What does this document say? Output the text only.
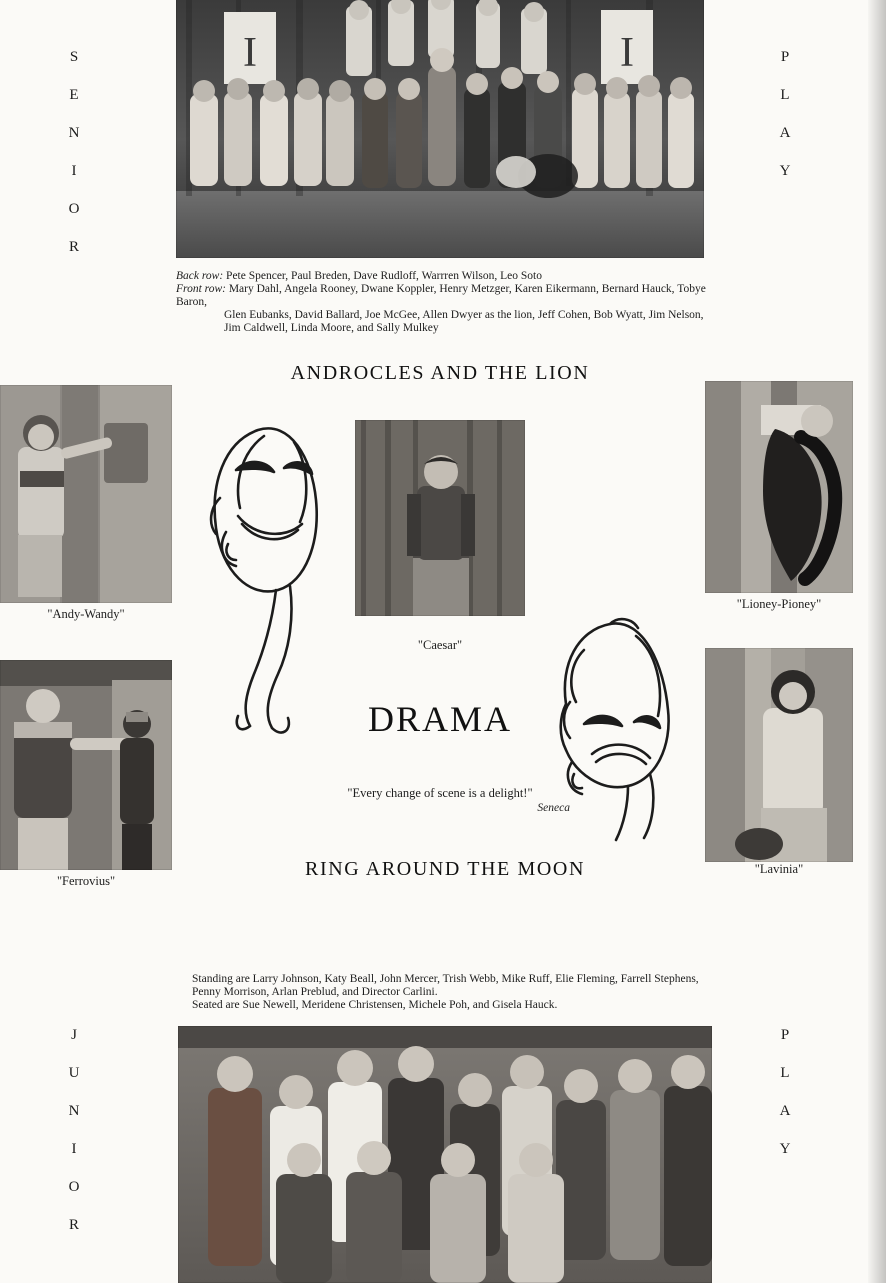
S
E
N
I
O
R
P
L
A
Y
I	I
Back row: Pete Spencer, Paul Breden, Dave Rudloff, Warrren Wilson, Leo Soto
Front row: Mary Dahl, Angela Rooney, Dwane Koppler, Henry Metzger, Karen Eikermann, Bernard Hauck, Tobye Baron,
Glen Eubanks, David Ballard, Joe McGee, Allen Dwyer as the lion, Jeff Cohen, Bob Wyatt, Jim Nelson,
Jim Caldwell, Linda Moore, and Sally Mulkey
ANDROCLES AND THE LION
"Andy-Wandy"
"Ferrovius"
"Lioney-Pioney"
"Lavinia"
"Caesar"
DRAMA
"Every change of scene is a delight!"
Seneca
RING AROUND THE MOON
Standing are Larry Johnson, Katy Beall, John Mercer, Trish Webb, Mike Ruff, Elie Fleming, Farrell Stephens,
Penny Morrison, Arlan Preblud, and Director Carlini.
Seated are Sue Newell, Meridene Christensen, Michele Poh, and Gisela Hauck.
J
U
N
I
O
R
P
L
A
Y
